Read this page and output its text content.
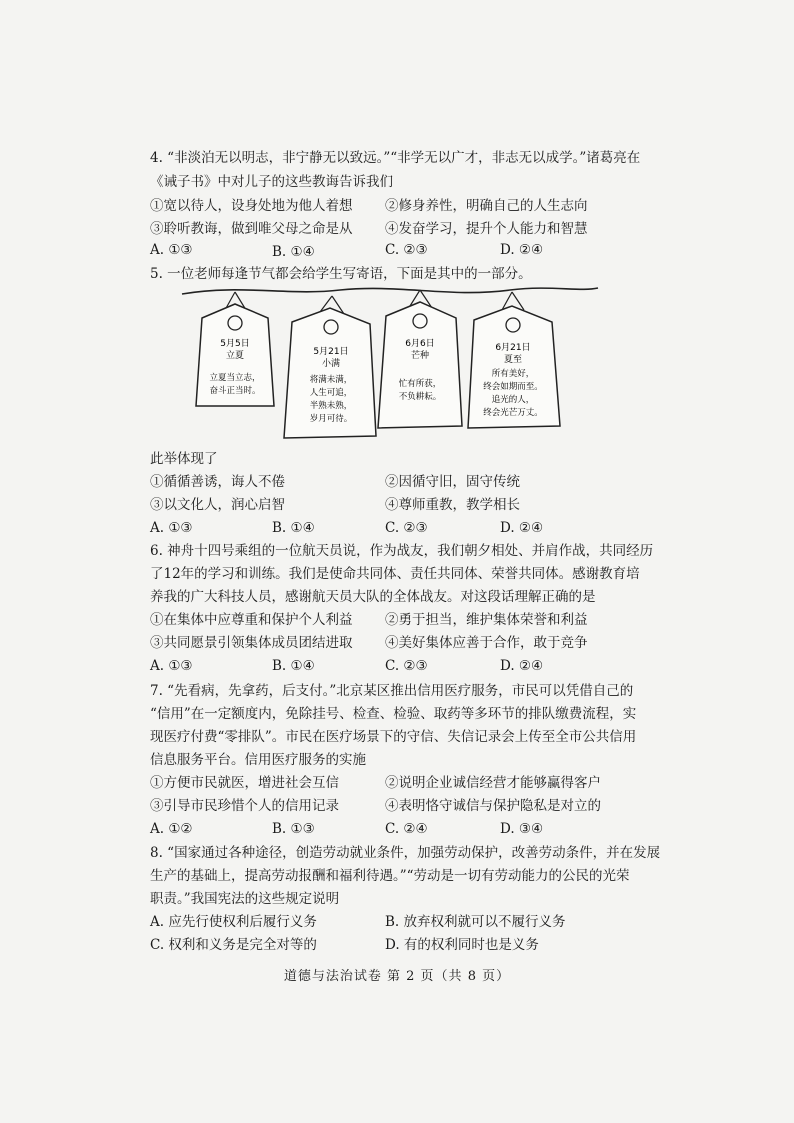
4. “非淡泊无以明志，非宁静无以致远。”“非学无以广才，非志无以成学。”诸葛亮在
《诫子书》中对儿子的这些教诲告诉我们
①宽以待人，设身处地为他人着想 ②修身养性，明确自己的人生志向
③聆听教诲，做到唯父母之命是从 ④发奋学习，提升个人能力和智慧
A. ①③	B. ①④	C. ②③	D. ②④
5. 一位老师每逢节气都会给学生写寄语，下面是其中的一部分。
5月5日
立夏
立夏当立志，
奋斗正当时。
5月21日
小满
将满未满，
人生可追，
半熟未熟，
岁月可待。
6月6日
芒种
忙有所获，
不负耕耘。
6月21日
夏至
所有美好，
终会如期而至。
追光的人，
终会光芒万丈。
此举体现了
①循循善诱，诲人不倦	②因循守旧，固守传统
③以文化人，润心启智	④尊师重教，教学相长
A. ①③	B. ①④	C. ②③	D. ②④
6. 神舟十四号乘组的一位航天员说，作为战友，我们朝夕相处、并肩作战，共同经历
了12年的学习和训练。我们是使命共同体、责任共同体、荣誉共同体。感谢教育培
养我的广大科技人员，感谢航天员大队的全体战友。对这段话理解正确的是
①在集体中应尊重和保护个人利益 ②勇于担当，维护集体荣誉和利益
③共同愿景引领集体成员团结进取 ④美好集体应善于合作，敢于竞争
A. ①③	B. ①④	C. ②③	D. ②④
7. “先看病，先拿药，后支付。”北京某区推出信用医疗服务，市民可以凭借自己的
“信用”在一定额度内，免除挂号、检查、检验、取药等多环节的排队缴费流程，实
现医疗付费“零排队”。市民在医疗场景下的守信、失信记录会上传至全市公共信用
信息服务平台。信用医疗服务的实施
①方便市民就医，增进社会互信	②说明企业诚信经营才能够赢得客户
③引导市民珍惜个人的信用记录	④表明恪守诚信与保护隐私是对立的
A. ①②	B. ①③	C. ②④	D. ③④
8. “国家通过各种途径，创造劳动就业条件，加强劳动保护，改善劳动条件，并在发展
生产的基础上，提高劳动报酬和福利待遇。”“劳动是一切有劳动能力的公民的光荣
职责。”我国宪法的这些规定说明
A. 应先行使权利后履行义务	B. 放弃权利就可以不履行义务
C. 权利和义务是完全对等的	D. 有的权利同时也是义务
道德与法治试卷 第 2 页（共 8 页）
